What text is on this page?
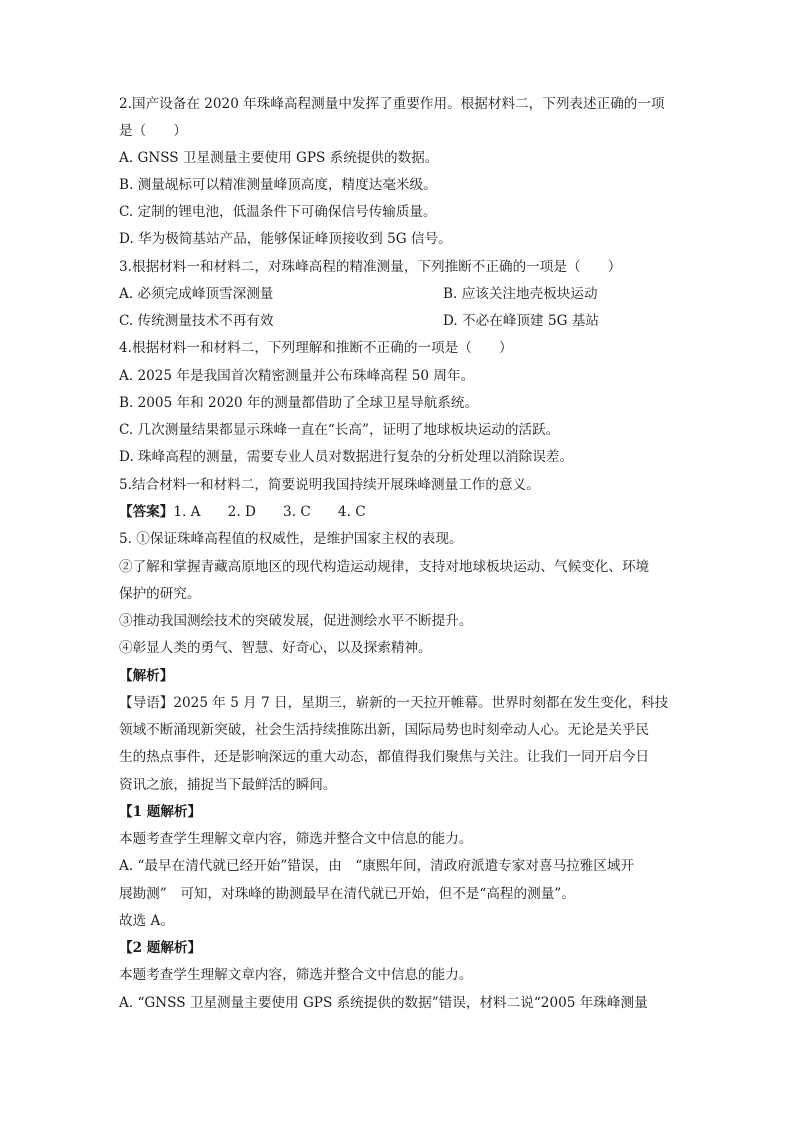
2.国产设备在 2020 年珠峰高程测量中发挥了重要作用。根据材料二，下列表述正确的一项
是（　　）
A. GNSS 卫星测量主要使用 GPS 系统提供的数据。
B. 测量觇标可以精准测量峰顶高度，精度达毫米级。
C. 定制的锂电池，低温条件下可确保信号传输质量。
D. 华为极简基站产品，能够保证峰顶接收到 5G 信号。
3.根据材料一和材料二，对珠峰高程的精准测量，下列推断不正确的一项是（　　）
A. 必须完成峰顶雪深测量	B. 应该关注地壳板块运动
C. 传统测量技术不再有效	D. 不必在峰顶建 5G 基站
4.根据材料一和材料二，下列理解和推断不正确的一项是（　　）
A. 2025 年是我国首次精密测量并公布珠峰高程 50 周年。
B. 2005 年和 2020 年的测量都借助了全球卫星导航系统。
C. 几次测量结果都显示珠峰一直在“长高”，证明了地球板块运动的活跃。
D. 珠峰高程的测量，需要专业人员对数据进行复杂的分析处理以消除误差。
5.结合材料一和材料二，简要说明我国持续开展珠峰测量工作的意义。
【答案】1. A　　2. D　　3. C　　4. C
5. ①保证珠峰高程值的权威性，是维护国家主权的表现。
②了解和掌握青藏高原地区的现代构造运动规律，支持对地球板块运动、气候变化、环境
保护的研究。
③推动我国测绘技术的突破发展，促进测绘水平不断提升。
④彰显人类的勇气、智慧、好奇心，以及探索精神。
【解析】
【导语】2025 年 5 月 7 日，星期三，崭新的一天拉开帷幕。世界时刻都在发生变化，科技
领域不断涌现新突破，社会生活持续推陈出新，国际局势也时刻牵动人心。无论是关乎民
生的热点事件，还是影响深远的重大动态，都值得我们聚焦与关注。让我们一同开启今日
资讯之旅，捕捉当下最鲜活的瞬间。
【1 题解析】
本题考查学生理解文章内容，筛选并整合文中信息的能力。
A. “最早在清代就已经开始”错误，由　“康熙年间，清政府派遣专家对喜马拉雅区域开
展勘测”　可知，对珠峰的勘测最早在清代就已开始，但不是“高程的测量”。
故选 A。
【2 题解析】
本题考查学生理解文章内容，筛选并整合文中信息的能力。
A. “GNSS 卫星测量主要使用 GPS 系统提供的数据”错误，材料二说“2005 年珠峰测量
